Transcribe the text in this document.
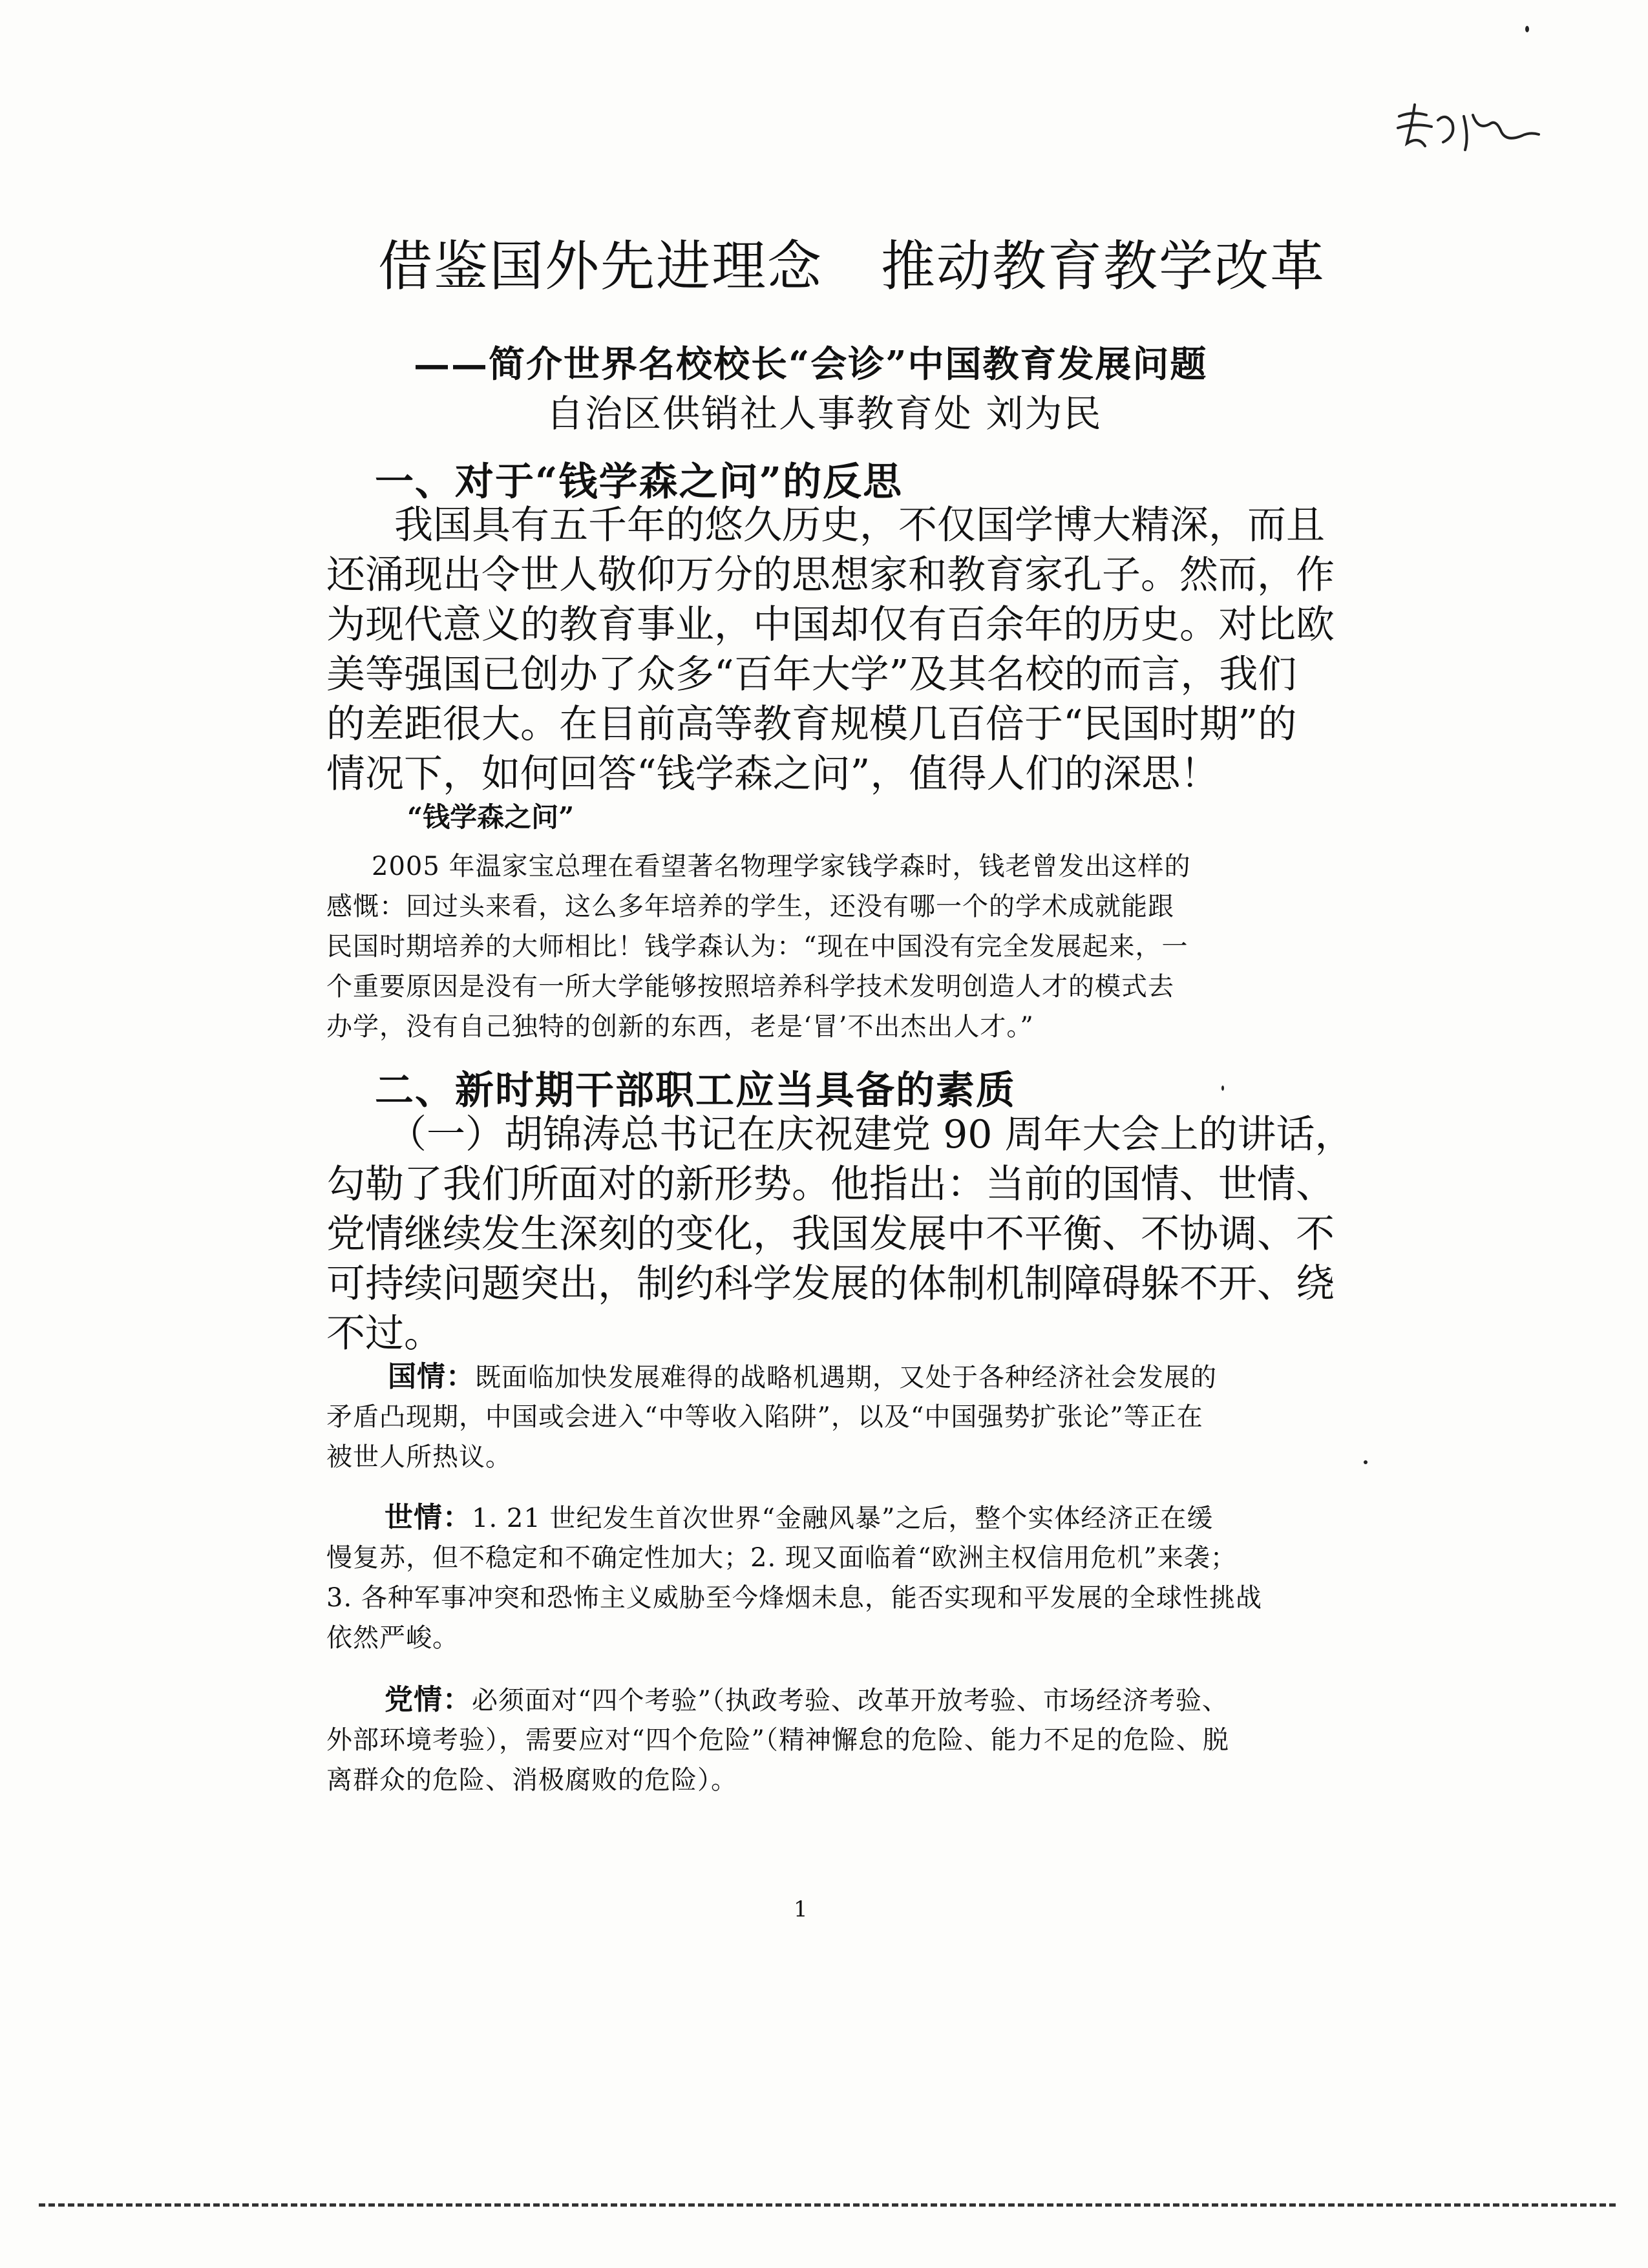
借鉴国外先进理念 推动教育教学改革
——简介世界名校校长“会诊”中国教育发展问题
自治区供销社人事教育处 刘为民
一、对于“钱学森之问”的反思
我国具有五千年的悠久历史，不仅国学博大精深，而且
还涌现出令世人敬仰万分的思想家和教育家孔子。然而，作
为现代意义的教育事业，中国却仅有百余年的历史。对比欧
美等强国已创办了众多“百年大学”及其名校的而言，我们
的差距很大。在目前高等教育规模几百倍于“民国时期”的
情况下，如何回答“钱学森之问”，值得人们的深思！
“钱学森之问”
2005 年温家宝总理在看望著名物理学家钱学森时，钱老曾发出这样的
感慨：回过头来看，这么多年培养的学生，还没有哪一个的学术成就能跟
民国时期培养的大师相比！钱学森认为：“现在中国没有完全发展起来，一
个重要原因是没有一所大学能够按照培养科学技术发明创造人才的模式去
办学，没有自己独特的创新的东西，老是‘冒’不出杰出人才。”
二、新时期干部职工应当具备的素质
（一）胡锦涛总书记在庆祝建党 90 周年大会上的讲话，
勾勒了我们所面对的新形势。他指出：当前的国情、世情、
党情继续发生深刻的变化，我国发展中不平衡、不协调、不
可持续问题突出，制约科学发展的体制机制障碍躲不开、绕
不过。
国情：既面临加快发展难得的战略机遇期，又处于各种经济社会发展的
矛盾凸现期，中国或会进入“中等收入陷阱”，以及“中国强势扩张论”等正在
被世人所热议。
世情：1. 21 世纪发生首次世界“金融风暴”之后，整个实体经济正在缓
慢复苏，但不稳定和不确定性加大；2. 现又面临着“欧洲主权信用危机”来袭；
3. 各种军事冲突和恐怖主义威胁至今烽烟未息，能否实现和平发展的全球性挑战
依然严峻。
党情：必须面对“四个考验”（执政考验、改革开放考验、市场经济考验、
外部环境考验），需要应对“四个危险”（精神懈怠的危险、能力不足的危险、脱
离群众的危险、消极腐败的危险）。
1
